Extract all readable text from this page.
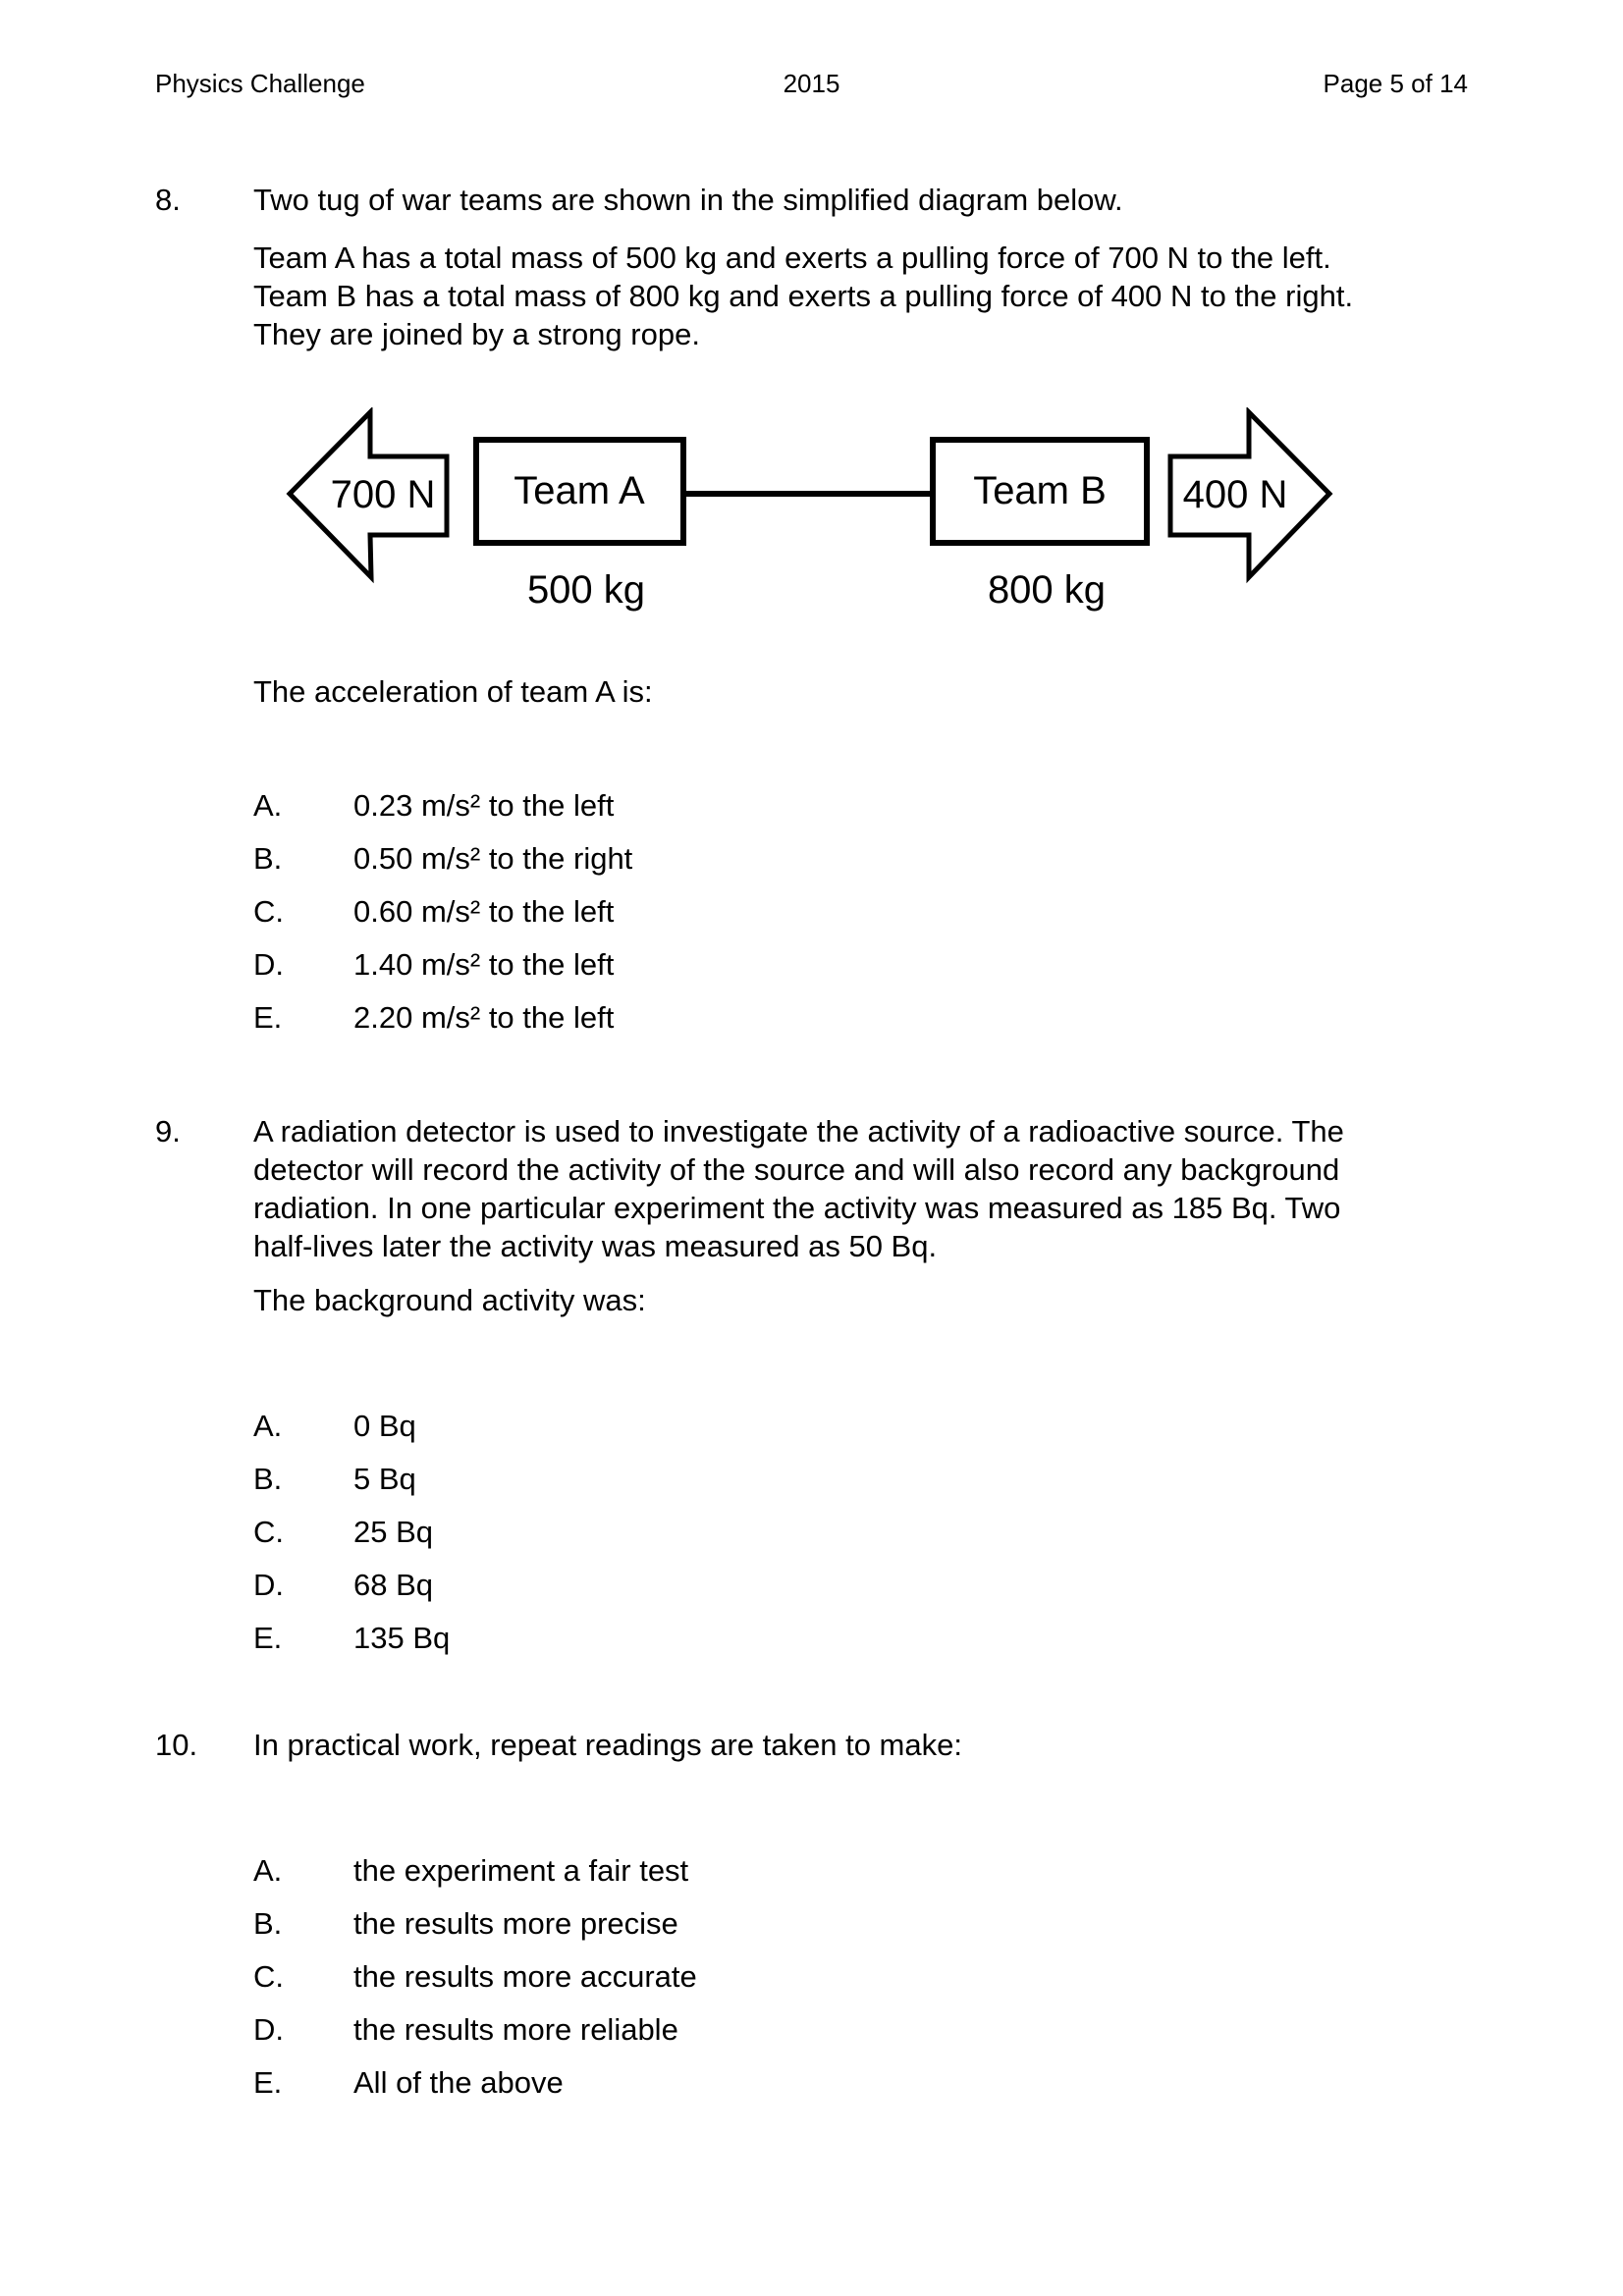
Physics Challenge	2015	Page 5 of 14
8.	Two tug of war teams are shown in the simplified diagram below.
Team A has a total mass of 500 kg and exerts a pulling force of 700 N to the left.
Team B has a total mass of 800 kg and exerts a pulling force of 400 N to the right.
They are joined by a strong rope.
700 N Team A	Team B 400 N
500 kg	800 kg
The acceleration of team A is:
A.	0.23 m/s² to the left
B.	0.50 m/s² to the right
C.	0.60 m/s² to the left
D.	1.40 m/s² to the left
E.	2.20 m/s² to the left
9.	A radiation detector is used to investigate the activity of a radioactive source. The
detector will record the activity of the source and will also record any background
radiation. In one particular experiment the activity was measured as 185 Bq. Two
half-lives later the activity was measured as 50 Bq.
The background activity was:
A.	0 Bq
B.	5 Bq
C.	25 Bq
D.	68 Bq
E.	135 Bq
10.	In practical work, repeat readings are taken to make:
A.	the experiment a fair test
B.	the results more precise
C.	the results more accurate
D.	the results more reliable
E.	All of the above
